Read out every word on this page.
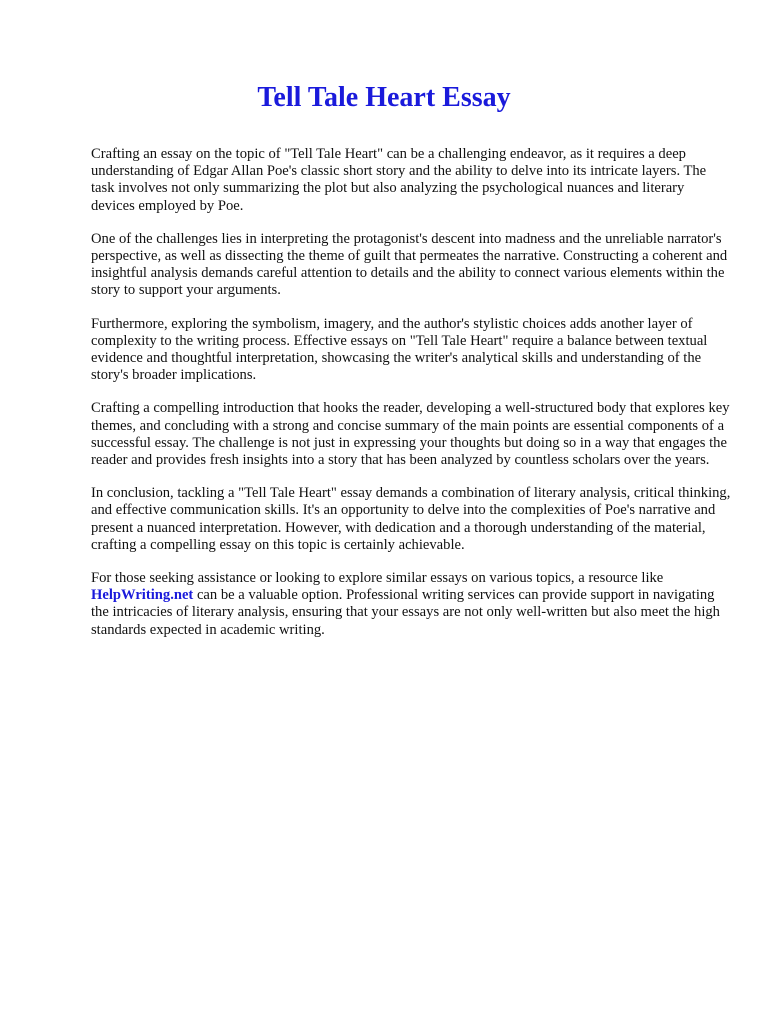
Tell Tale Heart Essay

Crafting an essay on the topic of "Tell Tale Heart" can be a challenging endeavor, as it requires a deep understanding of Edgar Allan Poe's classic short story and the ability to delve into its intricate layers. The task involves not only summarizing the plot but also analyzing the psychological nuances and literary devices employed by Poe.

One of the challenges lies in interpreting the protagonist's descent into madness and the unreliable narrator's perspective, as well as dissecting the theme of guilt that permeates the narrative. Constructing a coherent and insightful analysis demands careful attention to details and the ability to connect various elements within the story to support your arguments.

Furthermore, exploring the symbolism, imagery, and the author's stylistic choices adds another layer of complexity to the writing process. Effective essays on "Tell Tale Heart" require a balance between textual evidence and thoughtful interpretation, showcasing the writer's analytical skills and understanding of the story's broader implications.

Crafting a compelling introduction that hooks the reader, developing a well-structured body that explores key themes, and concluding with a strong and concise summary of the main points are essential components of a successful essay. The challenge is not just in expressing your thoughts but doing so in a way that engages the reader and provides fresh insights into a story that has been analyzed by countless scholars over the years.

In conclusion, tackling a "Tell Tale Heart" essay demands a combination of literary analysis, critical thinking, and effective communication skills. It's an opportunity to delve into the complexities of Poe's narrative and present a nuanced interpretation. However, with dedication and a thorough understanding of the material, crafting a compelling essay on this topic is certainly achievable.

For those seeking assistance or looking to explore similar essays on various topics, a resource like HelpWriting.net can be a valuable option. Professional writing services can provide support in navigating the intricacies of literary analysis, ensuring that your essays are not only well-written but also meet the high standards expected in academic writing.
